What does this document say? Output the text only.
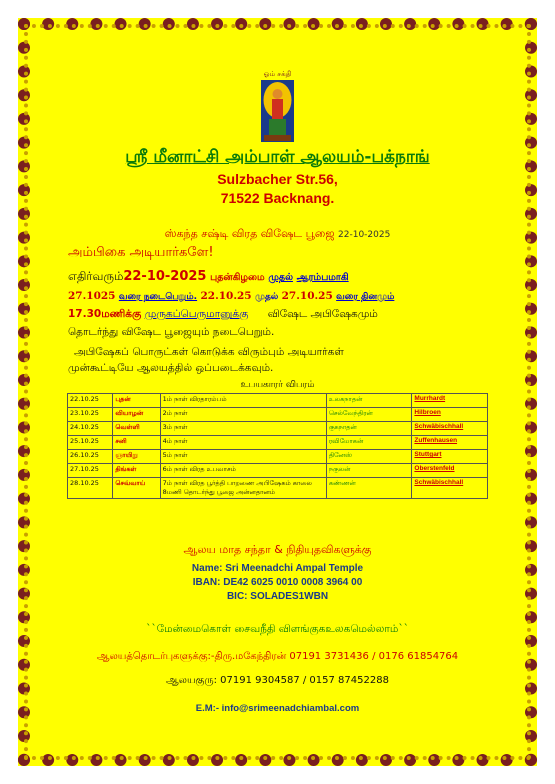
ஓம் சக்தி
ஸ்ரீ மீனாட்சி அம்பாள் ஆலயம்-பக்நாங்
Sulzbacher Str.56,
71522 Backnang.
ஸ்கந்த சஷ்டி விரத விஷேட பூஜை 22-10-2025
அம்பிகை அடியார்களே!
எதிர்வரும்22-10-2025 புதன்கிழமை முதல் ஆரம்பமாகி
27.1025 வரை நடைபெறும். 22.10.25 முதல் 27.10.25 வரை தினமும்
17.30மணிக்கு முருகப்பெருமானுக்கு விஷேட அபிஷேகமும்
தொடர்ந்து விஷேட பூஜையும் நடைபெறும்.
அபிஷேகப் பொருட்கள் கொடுக்க விரும்பும் அடியார்கள்
முன்கூட்டியே ஆலயத்தில் ஒப்படைக்கவும்.
உபயகாரர் விபரம்
22.10.25	புதன்	1ம் நாள் விரதாரம்பம்	உலகநாதன்	Murrhardt
23.10.25	வியாழன்	2ம் நாள்	செல்வேந்திரன்	Hilbroen
24.10.25	வெள்ளி	3ம் நாள்	குகநாதன்	Schwäbischhall
25.10.25	சனி	4ம் நாள்	ரவிமோகன்	Zuffenhausen
26.10.25	ஞாயிறு	5ம் நாள்	தினேஸ்	Stuttgart
27.10.25	திங்கள்	6ம் நாள் விரத உபவாசம்	நகுலன்	Oberstenfeld
28.10.25	செவ்வாய்	7ம் நாள் விரத பூர்த்தி பாறணை அபிஷேகம் காலை 8மணி தொடர்ந்து பூஜை அன்னதானம்	கண்ணன்	Schwäbischhall
ஆலய மாத சந்தா & நிதியுதவிகளுக்கு
Name: Sri Meenadchi Ampal Temple
IBAN: DE42 6025 0010 0008 3964 00
BIC: SOLADES1WBN
``மேன்மைகொள் சைவநீதி விளங்குகஉலகமெல்லாம்``
ஆலயத்தொடர்புகளுக்கு:-திரு.மகேந்திரன் 07191 3731436 / 0176 61854764
ஆலயகுரு: 07191 9304587 / 0157 87452288
E.M:- info@srimeenadchiambal.com
